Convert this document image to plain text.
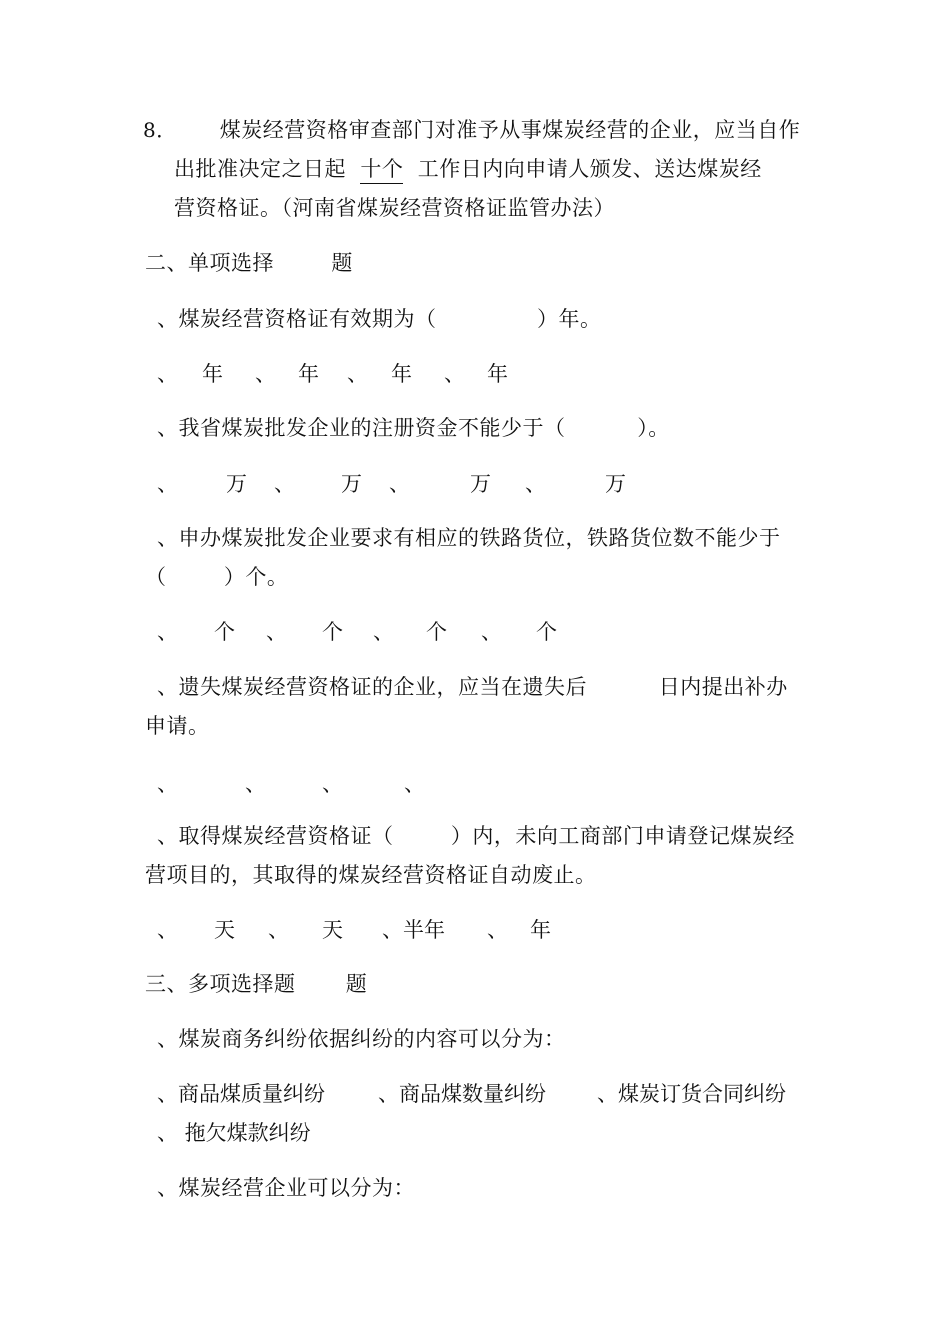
8． 煤炭经营资格审查部门对准予从事煤炭经营的企业，应当自作
出批准决定之日起 十个 工作日内向申请人颁发、送达煤炭经
营资格证。（河南省煤炭经营资格证监管办法）
二、单项选择	题
、煤炭经营资格证有效期为（              ）年。
、 年 、 年 、 年 、 年
、我省煤炭批发企业的注册资金不能少于（          ）。
、 万 、 万 、	万 、	万
、申办煤炭批发企业要求有相应的铁路货位，铁路货位数不能少于
（        ）个。
、 个 、 个 、 个 、 个
、遗失煤炭经营资格证的企业，应当在遗失后          日内提出补办
申请。
、	、	、	、
、取得煤炭经营资格证（        ）内，未向工商部门申请登记煤炭经
营项目的，其取得的煤炭经营资格证自动废止。
、 天 、 天 、半年 、 年
三、多项选择题 题
、煤炭商务纠纷依据纠纷的内容可以分为：
、商品煤质量纠纷	、商品煤数量纠纷 、煤炭订货合同纠纷
、 拖欠煤款纠纷
、煤炭经营企业可以分为：
